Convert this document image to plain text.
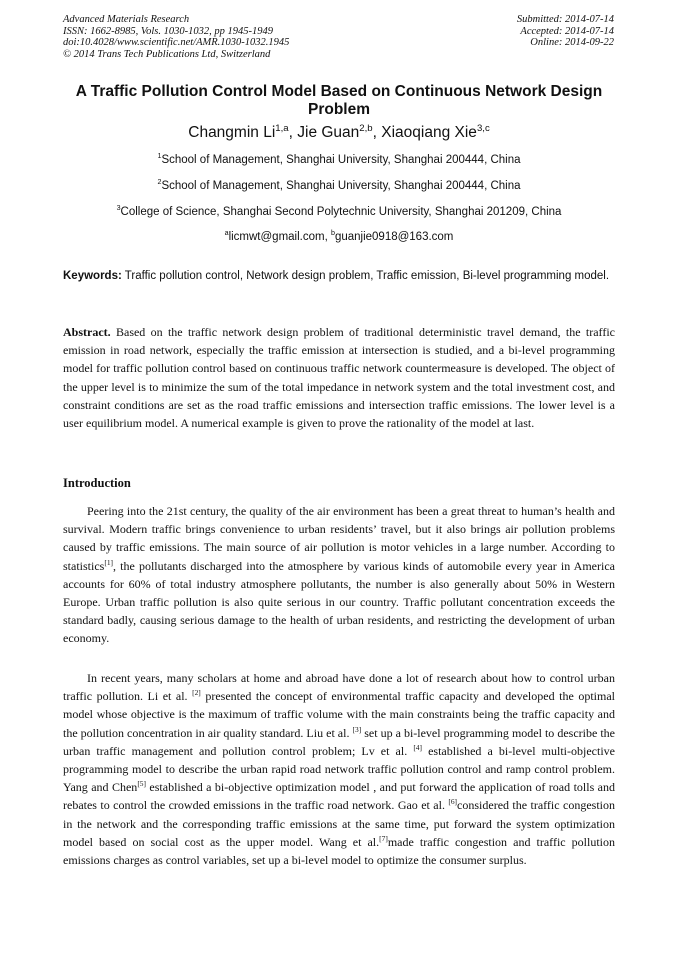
Advanced Materials Research
ISSN: 1662-8985, Vols. 1030-1032, pp 1945-1949
doi:10.4028/www.scientific.net/AMR.1030-1032.1945
© 2014 Trans Tech Publications Ltd, Switzerland
Submitted: 2014-07-14
Accepted: 2014-07-14
Online: 2014-09-22
A Traffic Pollution Control Model Based on Continuous Network Design Problem
Changmin Li$^{1,a}$, Jie Guan$^{2,b}$, Xiaoqiang Xie$^{3,c}$
$^1$School of Management, Shanghai University, Shanghai 200444, China
$^2$School of Management, Shanghai University, Shanghai 200444, China
$^3$College of Science, Shanghai Second Polytechnic University, Shanghai 201209, China
$^a$licmwt@gmail.com, $^b$guanjie0918@163.com
Keywords: Traffic pollution control, Network design problem, Traffic emission, Bi-level programming model.
Abstract. Based on the traffic network design problem of traditional deterministic travel demand, the traffic emission in road network, especially the traffic emission at intersection is studied, and a bi-level programming model for traffic pollution control based on continuous traffic network countermeasure is developed. The object of the upper level is to minimize the sum of the total impedance in network system and the total investment cost, and constraint conditions are set as the road traffic emissions and intersection traffic emissions. The lower level is a user equilibrium model. A numerical example is given to prove the rationality of the model at last.
Introduction
Peering into the 21st century, the quality of the air environment has been a great threat to human’s health and survival. Modern traffic brings convenience to urban residents’ travel, but it also brings air pollution problems caused by traffic emissions. The main source of air pollution is motor vehicles in a large number. According to statistics[1], the pollutants discharged into the atmosphere by various kinds of automobile every year in America accounts for 60% of total industry atmosphere pollutants, the number is also generally about 50% in Western Europe. Urban traffic pollution is also quite serious in our country. Traffic pollutant concentration exceeds the standard badly, causing serious damage to the health of urban residents, and restricting the development of urban economy.
In recent years, many scholars at home and abroad have done a lot of research about how to control urban traffic pollution. Li et al. [2] presented the concept of environmental traffic capacity and developed the optimal model whose objective is the maximum of traffic volume with the main constraints being the traffic capacity and the pollution concentration in air quality standard. Liu et al. [3] set up a bi-level programming model to describe the urban traffic management and pollution control problem; Lv et al. [4] established a bi-level multi-objective programming model to describe the urban rapid road network traffic pollution control and ramp control problem. Yang and Chen[5] established a bi-objective optimization model , and put forward the application of road tolls and rebates to control the crowded emissions in the traffic road network. Gao et al. [6]considered the traffic congestion in the network and the corresponding traffic emissions at the same time, put forward the system optimization model based on social cost as the upper model. Wang et al.[7]made traffic congestion and traffic pollution emissions charges as control variables, set up a bi-level model to optimize the consumer surplus.
